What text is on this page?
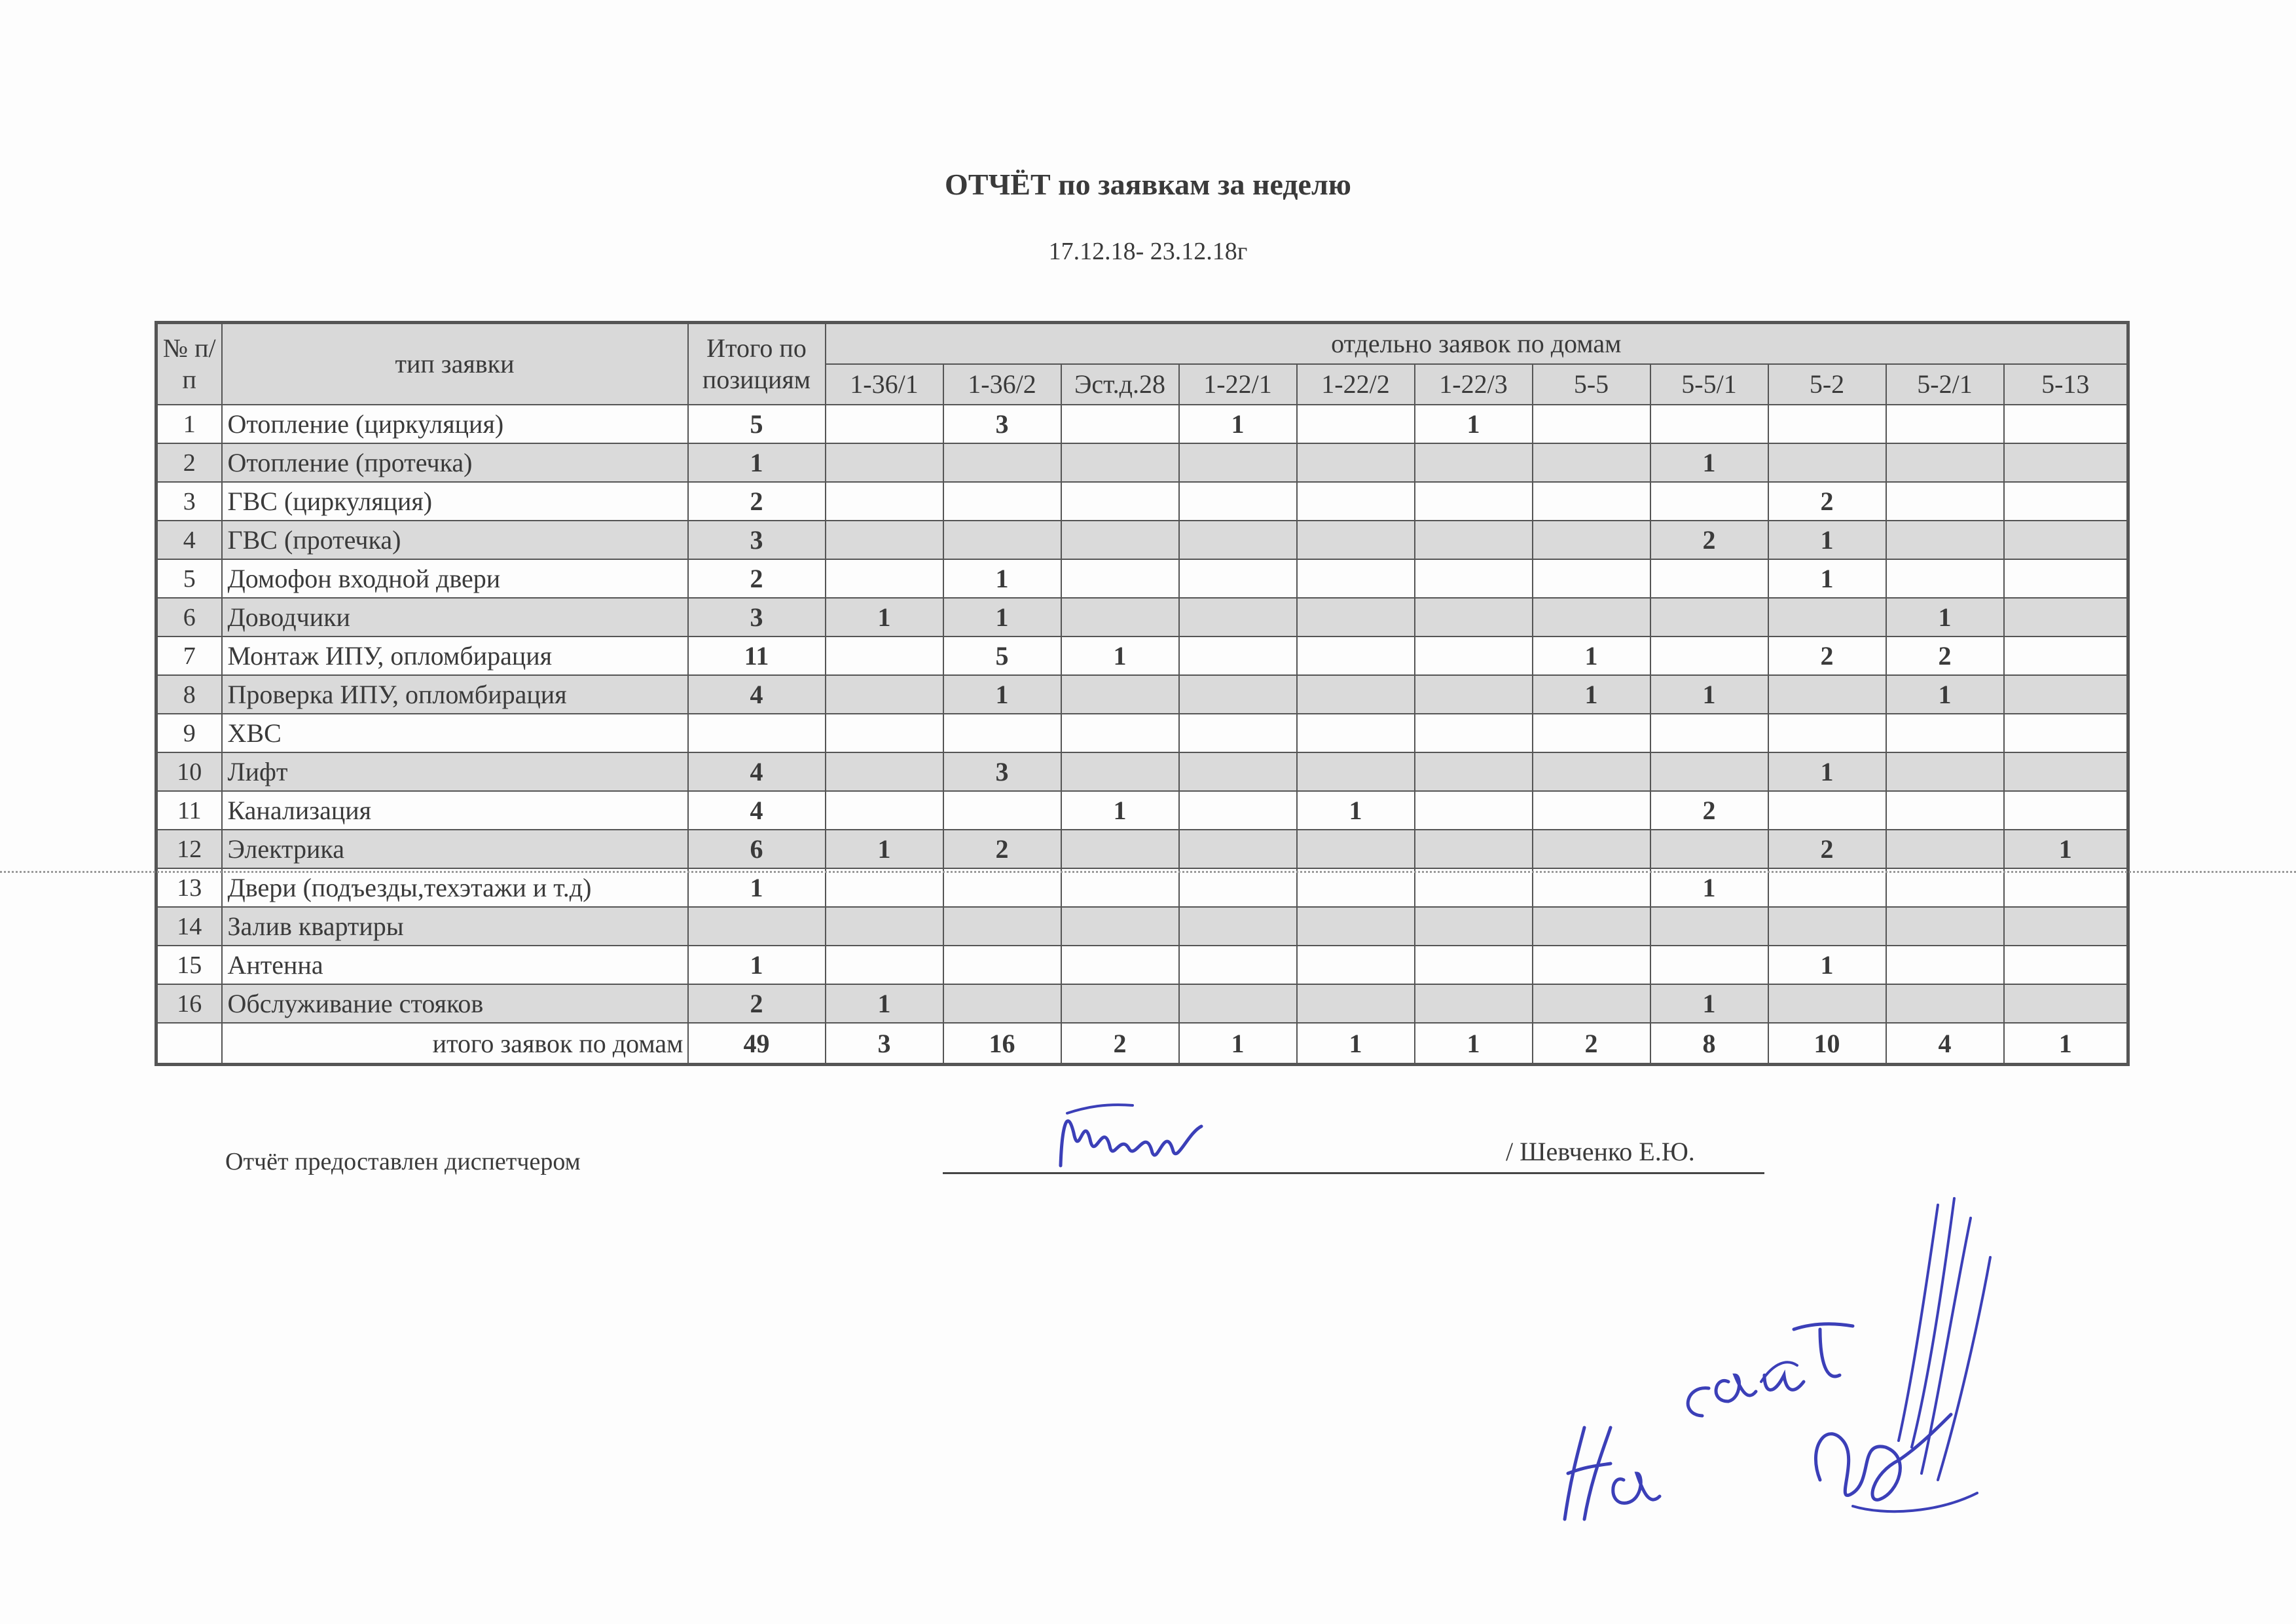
ОТЧЁТ по заявкам за неделю
17.12.18- 23.12.18г
№ п/п	тип заявки	Итого по позициям	отдельно заявок по домам										
			1-36/1	1-36/2	Эст.д.28	1-22/1	1-22/2	1-22/3	5-5	5-5/1	5-2	5-2/1	5-13
1	Отопление (циркуляция)	5		3		1		1					
2	Отопление (протечка)	1								1			
3	ГВС (циркуляция)	2									2		
4	ГВС (протечка)	3								2	1		
5	Домофон входной двери	2		1							1		
6	Доводчики	3	1	1								1	
7	Монтаж ИПУ, опломбирация	11		5	1				1		2	2	
8	Проверка ИПУ, опломбирация	4		1					1	1		1	
9	ХВС												
10	Лифт	4		3							1		
11	Канализация	4			1		1			2			
12	Электрика	6	1	2							2		1
13	Двери (подъезды,техэтажи и т.д)	1								1			
14	Залив квартиры												
15	Антенна	1									1		
16	Обслуживание стояков	2	1							1			
	итого заявок по домам	49	3	16	2	1	1	1	2	8	10	4	1
Отчёт предоставлен диспетчером	/ Шевченко Е.Ю.
